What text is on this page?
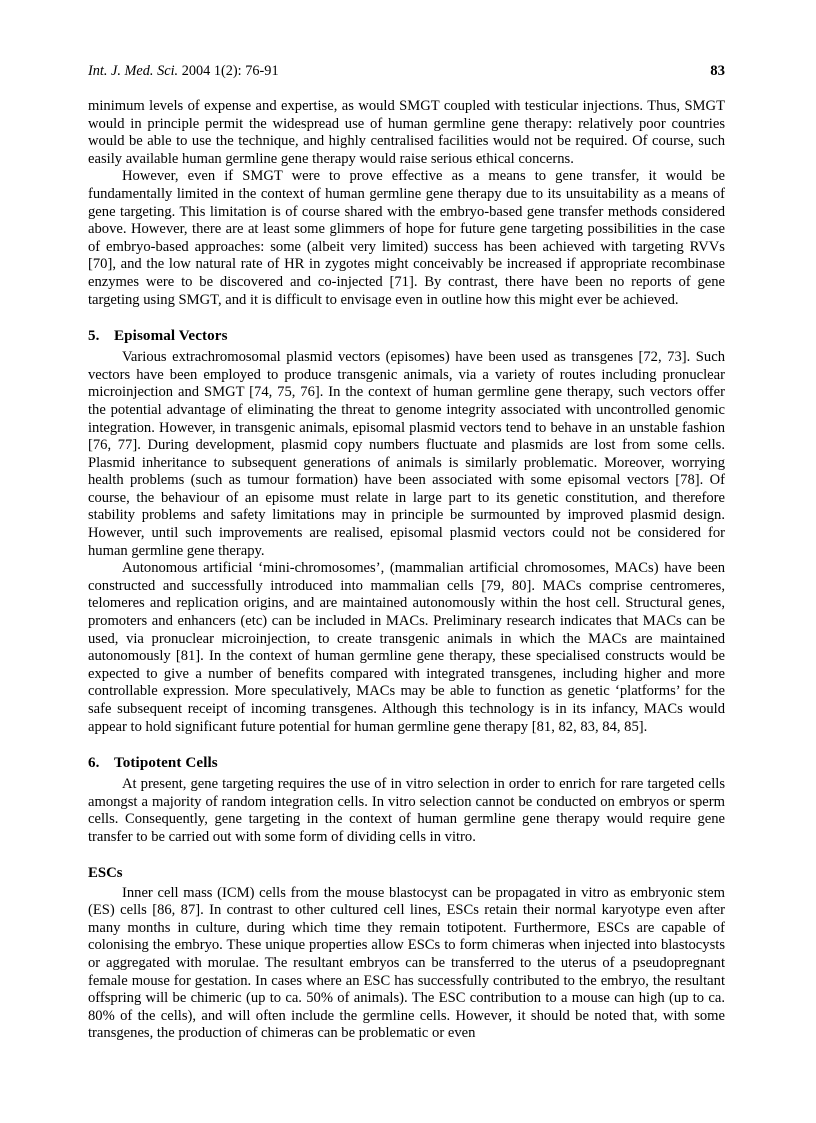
Int. J. Med. Sci. 2004 1(2): 76-91	83

minimum levels of expense and expertise, as would SMGT coupled with testicular injections. Thus, SMGT would in principle permit the widespread use of human germline gene therapy: relatively poor countries would be able to use the technique, and highly centralised facilities would not be required. Of course, such easily available human germline gene therapy would raise serious ethical concerns.

However, even if SMGT were to prove effective as a means to gene transfer, it would be fundamentally limited in the context of human germline gene therapy due to its unsuitability as a means of gene targeting. This limitation is of course shared with the embryo-based gene transfer methods considered above. However, there are at least some glimmers of hope for future gene targeting possibilities in the case of embryo-based approaches: some (albeit very limited) success has been achieved with targeting RVVs [70], and the low natural rate of HR in zygotes might conceivably be increased if appropriate recombinase enzymes were to be discovered and co-injected [71]. By contrast, there have been no reports of gene targeting using SMGT, and it is difficult to envisage even in outline how this might ever be achieved.

5. Episomal Vectors

Various extrachromosomal plasmid vectors (episomes) have been used as transgenes [72, 73]. Such vectors have been employed to produce transgenic animals, via a variety of routes including pronuclear microinjection and SMGT [74, 75, 76]. In the context of human germline gene therapy, such vectors offer the potential advantage of eliminating the threat to genome integrity associated with uncontrolled genomic integration. However, in transgenic animals, episomal plasmid vectors tend to behave in an unstable fashion [76, 77]. During development, plasmid copy numbers fluctuate and plasmids are lost from some cells. Plasmid inheritance to subsequent generations of animals is similarly problematic. Moreover, worrying health problems (such as tumour formation) have been associated with some episomal vectors [78]. Of course, the behaviour of an episome must relate in large part to its genetic constitution, and therefore stability problems and safety limitations may in principle be surmounted by improved plasmid design. However, until such improvements are realised, episomal plasmid vectors could not be considered for human germline gene therapy.

Autonomous artificial ‘mini-chromosomes’, (mammalian artificial chromosomes, MACs) have been constructed and successfully introduced into mammalian cells [79, 80]. MACs comprise centromeres, telomeres and replication origins, and are maintained autonomously within the host cell. Structural genes, promoters and enhancers (etc) can be included in MACs. Preliminary research indicates that MACs can be used, via pronuclear microinjection, to create transgenic animals in which the MACs are maintained autonomously [81]. In the context of human germline gene therapy, these specialised constructs would be expected to give a number of benefits compared with integrated transgenes, including higher and more controllable expression. More speculatively, MACs may be able to function as genetic ‘platforms’ for the safe subsequent receipt of incoming transgenes. Although this technology is in its infancy, MACs would appear to hold significant future potential for human germline gene therapy [81, 82, 83, 84, 85].

6. Totipotent Cells

At present, gene targeting requires the use of in vitro selection in order to enrich for rare targeted cells amongst a majority of random integration cells. In vitro selection cannot be conducted on embryos or sperm cells. Consequently, gene targeting in the context of human germline gene therapy would require gene transfer to be carried out with some form of dividing cells in vitro.

ESCs

Inner cell mass (ICM) cells from the mouse blastocyst can be propagated in vitro as embryonic stem (ES) cells [86, 87]. In contrast to other cultured cell lines, ESCs retain their normal karyotype even after many months in culture, during which time they remain totipotent. Furthermore, ESCs are capable of colonising the embryo. These unique properties allow ESCs to form chimeras when injected into blastocysts or aggregated with morulae. The resultant embryos can be transferred to the uterus of a pseudopregnant female mouse for gestation. In cases where an ESC has successfully contributed to the embryo, the resultant offspring will be chimeric (up to ca. 50% of animals). The ESC contribution to a mouse can high (up to ca. 80% of the cells), and will often include the germline cells. However, it should be noted that, with some transgenes, the production of chimeras can be problematic or even
